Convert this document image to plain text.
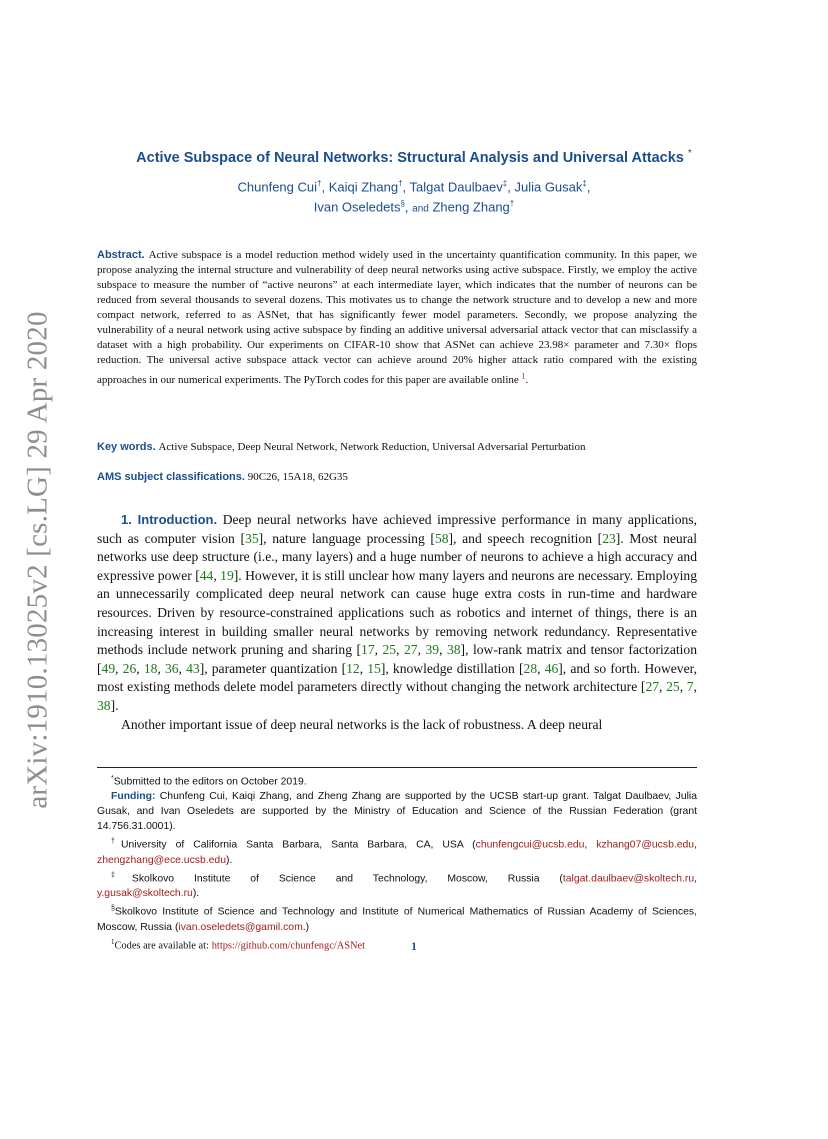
arXiv:1910.13025v2 [cs.LG] 29 Apr 2020
Active Subspace of Neural Networks: Structural Analysis and Universal Attacks *
Chunfeng Cui†, Kaiqi Zhang†, Talgat Daulbaev‡, Julia Gusak‡,
Ivan Oseledets§, and Zheng Zhang†
Abstract. Active subspace is a model reduction method widely used in the uncertainty quantification community. In this paper, we propose analyzing the internal structure and vulnerability of deep neural networks using active subspace. Firstly, we employ the active subspace to measure the number of “active neurons” at each intermediate layer, which indicates that the number of neurons can be reduced from several thousands to several dozens. This motivates us to change the network structure and to develop a new and more compact network, referred to as ASNet, that has significantly fewer model parameters. Secondly, we propose analyzing the vulnerability of a neural network using active subspace by finding an additive universal adversarial attack vector that can misclassify a dataset with a high probability. Our experiments on CIFAR-10 show that ASNet can achieve 23.98× parameter and 7.30× flops reduction. The universal active subspace attack vector can achieve around 20% higher attack ratio compared with the existing approaches in our numerical experiments. The PyTorch codes for this paper are available online $^1$.
Key words. Active Subspace, Deep Neural Network, Network Reduction, Universal Adversarial Perturbation
AMS subject classifications. 90C26, 15A18, 62G35

1. Introduction. Deep neural networks have achieved impressive performance in many applications, such as computer vision [35], nature language processing [58], and speech recognition [23]. Most neural networks use deep structure (i.e., many layers) and a huge number of neurons to achieve a high accuracy and expressive power [44, 19]. However, it is still unclear how many layers and neurons are necessary. Employing an unnecessarily complicated deep neural network can cause huge extra costs in run-time and hardware resources. Driven by resource-constrained applications such as robotics and internet of things, there is an increasing interest in building smaller neural networks by removing network redundancy. Representative methods include network pruning and sharing [17, 25, 27, 39, 38], low-rank matrix and tensor factorization [49, 26, 18, 36, 43], parameter quantization [12, 15], knowledge distillation [28, 46], and so forth. However, most existing methods delete model parameters directly without changing the network architecture [27, 25, 7, 38].

Another important issue of deep neural networks is the lack of robustness. A deep neural

*Submitted to the editors on October 2019.

Funding: Chunfeng Cui, Kaiqi Zhang, and Zheng Zhang are supported by the UCSB start-up grant. Talgat Daulbaev, Julia Gusak, and Ivan Oseledets are supported by the Ministry of Education and Science of the Russian Federation (grant 14.756.31.0001).

†University of California Santa Barbara, Santa Barbara, CA, USA (chunfengcui@ucsb.edu, kzhang07@ucsb.edu, zhengzhang@ece.ucsb.edu).

‡Skolkovo Institute of Science and Technology, Moscow, Russia (talgat.daulbaev@skoltech.ru,

y.gusak@skoltech.ru).

§Skolkovo Institute of Science and Technology and Institute of Numerical Mathematics of Russian Academy of Sciences, Moscow, Russia (ivan.oseledets@gamil.com.)

$^1$Codes are available at: https://github.com/chunfengc/ASNet	1
